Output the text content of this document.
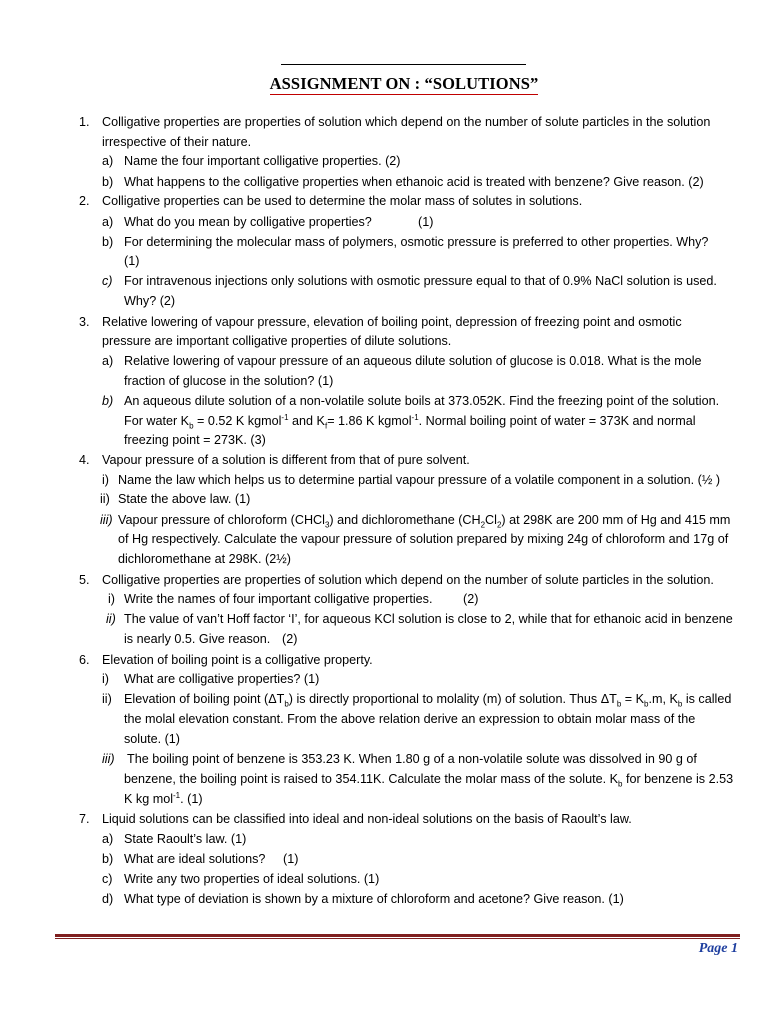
ASSIGNMENT ON : “SOLUTIONS”
1. Colligative properties are properties of solution which depend on the number of solute particles in the solution
irrespective of their nature.
a) Name the four important colligative properties. (2)
b) What happens to the colligative properties when ethanoic acid is treated with benzene? Give reason. (2)
2. Colligative properties can be used to determine the molar mass of solutes in solutions.
a) What do you mean by colligative properties?	(1)
b) For determining the molecular mass of polymers, osmotic pressure is preferred to other properties. Why?
(1)
c) For intravenous injections only solutions with osmotic pressure equal to that of 0.9% NaCl solution is used.
Why? (2)
3. Relative lowering of vapour pressure, elevation of boiling point, depression of freezing point and osmotic
pressure are important colligative properties of dilute solutions.
a) Relative lowering of vapour pressure of an aqueous dilute solution of glucose is 0.018. What is the mole
fraction of glucose in the solution? (1)
b) An aqueous dilute solution of a non-volatile solute boils at 373.052K. Find the freezing point of the solution.
For water $K_b = 0.52$ K kgmol$^{-1}$ and $K_f= 1.86$ K kgmol$^{-1}$. Normal boiling point of water = 373K and normal
freezing point = 273K. (3)
4. Vapour pressure of a solution is different from that of pure solvent.
i) Name the law which helps us to determine partial vapour pressure of a volatile component in a solution. (½ )
ii) State the above law. (1)
iii) Vapour pressure of chloroform (CHCl$_3$) and dichloromethane $(CH_2Cl_2)$ at 298K are 200 mm of Hg and 415 mm
of Hg respectively. Calculate the vapour pressure of solution prepared by mixing 24g of chloroform and 17g of
dichloromethane at 298K. (2½)
5. Colligative properties are properties of solution which depend on the number of solute particles in the solution.
i) Write the names of four important colligative properties. (2)
ii) The value of van’t Hoff factor ‘I’, for aqueous KCl solution is close to 2, while that for ethanoic acid in benzene
is nearly 0.5. Give reason. (2)
6. Elevation of boiling point is a colligative property.
i) What are colligative properties? (1)
ii) Elevation of boiling point $(\Delta T_b)$ is directly proportional to molality (m) of solution. Thus $\Delta T_b = K_b.m$, $K_b$ is called
the molal elevation constant. From the above relation derive an expression to obtain molar mass of the
solute. (1)
iii) The boiling point of benzene is 353.23 K. When 1.80 g of a non-volatile solute was dissolved in 90 g of
benzene, the boiling point is raised to 354.11K. Calculate the molar mass of the solute. $K_b$ for benzene is 2.53
K kg mol$^{-1}$. (1)
7. Liquid solutions can be classified into ideal and non-ideal solutions on the basis of Raoult’s law.
a) State Raoult’s law. (1)
b) What are ideal solutions? (1)
c) Write any two properties of ideal solutions. (1)
d) What type of deviation is shown by a mixture of chloroform and acetone? Give reason. (1)
Page 1
